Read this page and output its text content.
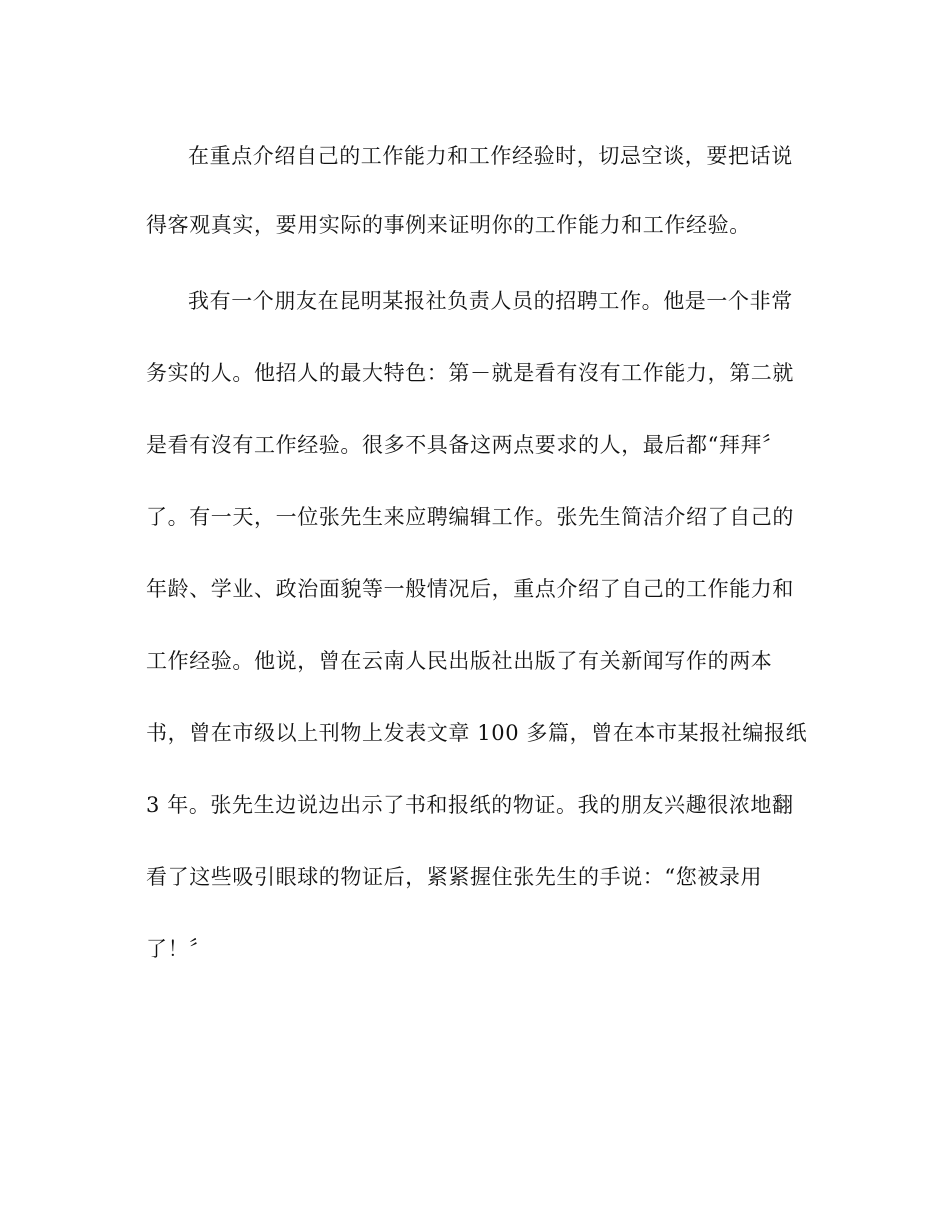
在重点介绍自己的工作能力和工作经验时，切忌空谈，要把话说
得客观真实，要用实际的事例来证明你的工作能力和工作经验。
我有一个朋友在昆明某报社负责人员的招聘工作。他是一个非常
务实的人。他招人的最大特色：第－就是看有沒有工作能力，第二就
是看有沒有工作经验。很多不具备这两点要求的人，最后都“拜拜〞
了。有一天，一位张先生来应聘编辑工作。张先生简洁介绍了自己的
年龄、学业、政治面貌等一般情况后，重点介绍了自己的工作能力和
工作经验。他说，曾在云南人民出版社出版了有关新闻写作的两本
书，曾在市级以上刊物上发表文章 100 多篇，曾在本市某报社编报纸
3 年。张先生边说边出示了书和报纸的物证。我的朋友兴趣很浓地翻
看了这些吸引眼球的物证后，紧紧握住张先生的手说：“您被录用
了！〞
